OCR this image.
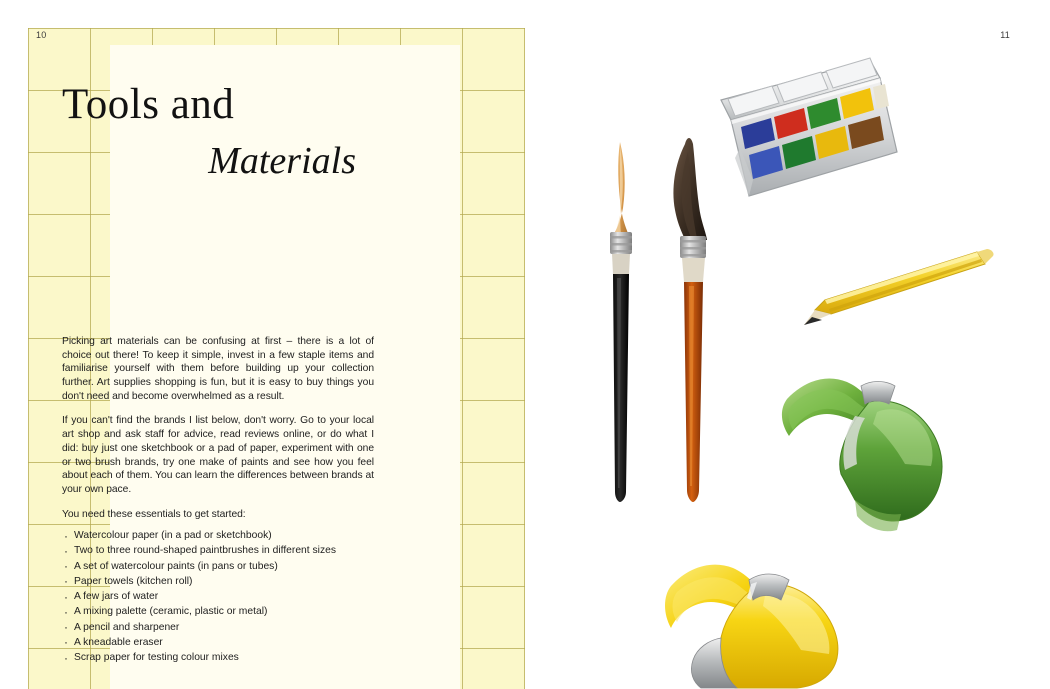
10
Tools and
Materials

Picking art materials can be confusing at first – there is a lot of choice out there! To keep it simple, invest in a few staple items and familiarise yourself with them before building up your collection further. Art supplies shopping is fun, but it is easy to buy things you don't need and become overwhelmed as a result.

If you can't find the brands I list below, don't worry. Go to your local art shop and ask staff for advice, read reviews online, or do what I did: buy just one sketchbook or a pad of paper, experiment with one or two brush brands, try one make of paints and see how you feel about each of them. You can learn the differences between brands at your own pace.

You need these essentials to get started:

· Watercolour paper (in a pad or sketchbook)
· Two to three round-shaped paintbrushes in different sizes
· A set of watercolour paints (in pans or tubes)
· Paper towels (kitchen roll)
· A few jars of water
· A mixing palette (ceramic, plastic or metal)
· A pencil and sharpener
· A kneadable eraser
· Scrap paper for testing colour mixes
11
